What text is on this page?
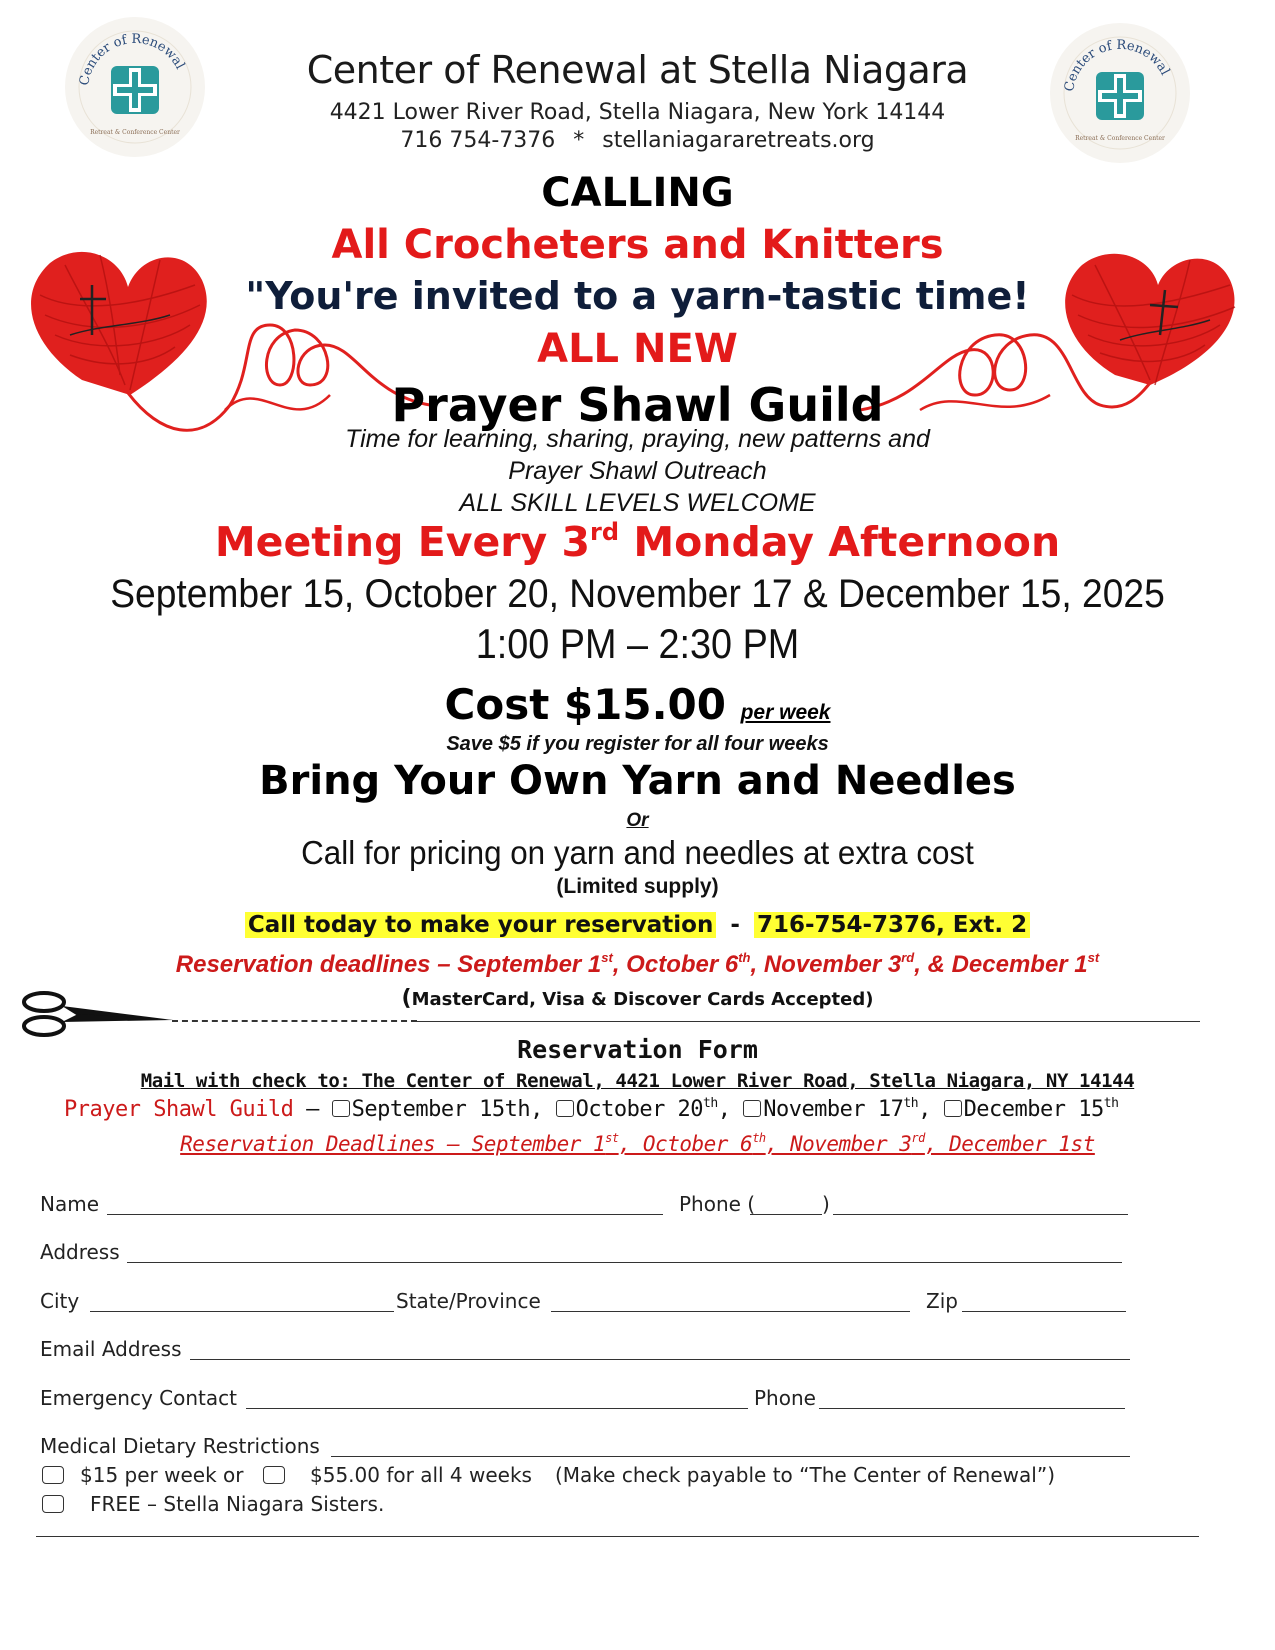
Center of Renewal
Retreat & Conference Center
Center of Renewal
Retreat & Conference Center
Center of Renewal at Stella Niagara
4421 Lower River Road, Stella Niagara, New York 14144
716 754-7376 * stellaniagararetreats.org
CALLING
All Crocheters and Knitters
"You're invited to a yarn-tastic time!
ALL NEW
Prayer Shawl Guild
Time for learning, sharing, praying, new patterns and
Prayer Shawl Outreach
ALL SKILL LEVELS WELCOME
Meeting Every 3rd Monday Afternoon
September 15, October 20, November 17 & December 15, 2025
1:00 PM – 2:30 PM
Cost $15.00 per week
Save $5 if you register for all four weeks
Bring Your Own Yarn and Needles
Or
Call for pricing on yarn and needles at extra cost
(Limited supply)
Call today to make your reservation - 716-754-7376, Ext. 2
Reservation deadlines – September 1st, October 6th, November 3rd, & December 1st
(MasterCard, Visa & Discover Cards Accepted)
Reservation Form
Mail with check to: The Center of Renewal, 4421 Lower River Road, Stella Niagara, NY 14144
Prayer Shawl Guild – September 15th, October 20th, November 17th, December 15th
Reservation Deadlines – September 1st, October 6th, November 3rd, December 1st
Name	Phone (	)
Address
City	State/Province	Zip
Email Address
Emergency Contact	Phone
Medical Dietary Restrictions
$15 per week or	$55.00 for all 4 weeks (Make check payable to “The Center of Renewal”)
FREE – Stella Niagara Sisters.
